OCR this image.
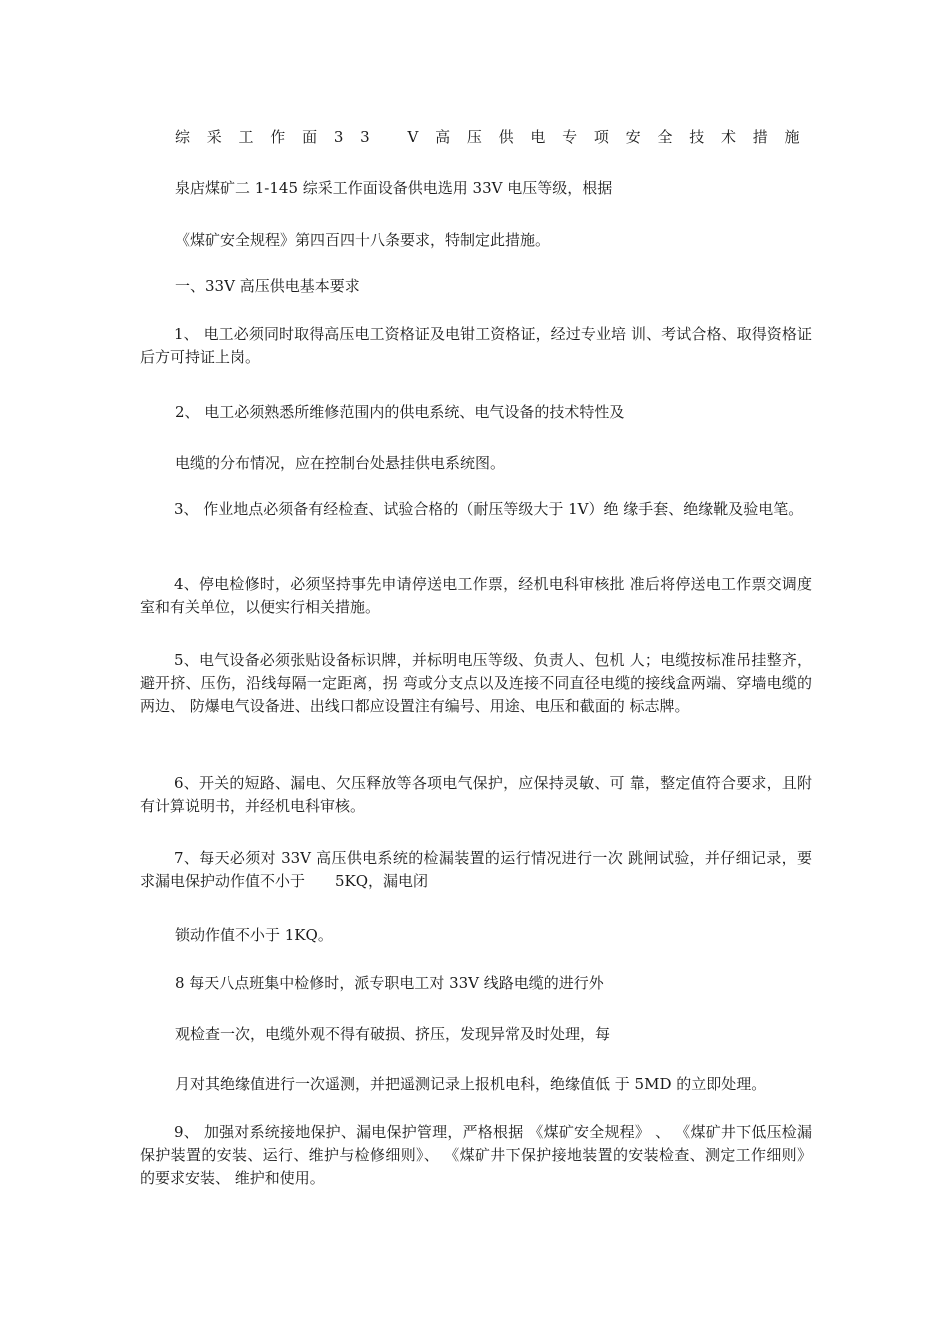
综 采 工 作 面 3 3 　V 高 压 供 电 专 项 安 全 技 术 措 施
泉店煤矿二 1-145 综采工作面设备供电选用 33V 电压等级，根据
《煤矿安全规程》第四百四十八条要求，特制定此措施。
一、33V 高压供电基本要求
1、 电工必须同时取得高压电工资格证及电钳工资格证，经过专业培 训、考试合格、取得资格证后方可持证上岗。
2、 电工必须熟悉所维修范围内的供电系统、电气设备的技术特性及
电缆的分布情况，应在控制台处悬挂供电系统图。
3、 作业地点必须备有经检查、试验合格的（耐压等级大于 1V）绝 缘手套、绝缘靴及验电笔。
4、停电检修时，必须坚持事先申请停送电工作票，经机电科审核批 准后将停送电工作票交调度室和有关单位，以便实行相关措施。
5、电气设备必须张贴设备标识牌，并标明电压等级、负责人、包机 人；电缆按标准吊挂整齐，避开挤、压伤，沿线每隔一定距离，拐 弯或分支点以及连接不同直径电缆的接线盒两端、穿墙电缆的两边、 防爆电气设备进、出线口都应设置注有编号、用途、电压和截面的 标志牌。
6、开关的短路、漏电、欠压释放等各项电气保护，应保持灵敏、可 靠，整定值符合要求，且附有计算说明书，并经机电科审核。
7、每天必须对 33V 高压供电系统的检漏装置的运行情况进行一次 跳闸试验，并仔细记录，要求漏电保护动作值不小于　　5KQ，漏电闭
锁动作值不小于 1KQ。
8 每天八点班集中检修时，派专职电工对 33V 线路电缆的进行外
观检查一次，电缆外观不得有破损、挤压，发现异常及时处理，每
月对其绝缘值进行一次遥测，并把遥测记录上报机电科，绝缘值低 于 5MD 的立即处理。
9、 加强对系统接地保护、漏电保护管理，严格根据 《煤矿安全规程》 、 《煤矿井下低压检漏保护装置的安装、运行、维护与检修细则》、 《煤矿井下保护接地装置的安装检查、测定工作细则》 的要求安装、 维护和使用。
